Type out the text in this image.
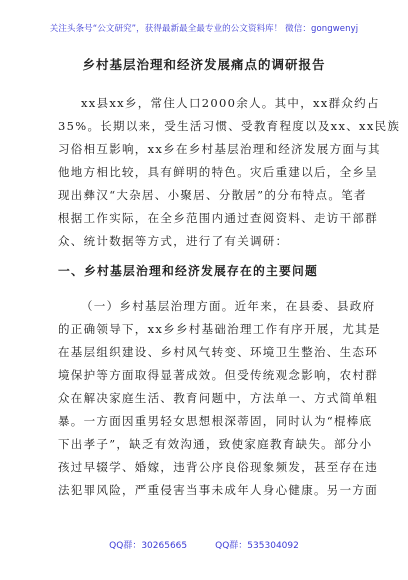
关注头条号“公文研究”，获得最新最全最专业的公文资料库！ 微信：gongwenyj
乡村基层治理和经济发展痛点的调研报告
xx县xx乡，常住人口2000余人。其中，xx群众约占
35%。长期以来，受生活习惯、受教育程度以及xx、xx民族
习俗相互影响，xx乡在乡村基层治理和经济发展方面与其
他地方相比较，具有鲜明的特色。灾后重建以后，全乡呈
现出彝汉“大杂居、小聚居、分散居”的分布特点。笔者
根据工作实际，在全乡范围内通过查阅资料、走访干部群
众、统计数据等方式，进行了有关调研：
一、乡村基层治理和经济发展存在的主要问题
（一）乡村基层治理方面。近年来，在县委、县政府
的正确领导下，xx乡乡村基础治理工作有序开展，尤其是
在基层组织建设、乡村风气转变、环境卫生整治、生态环
境保护等方面取得显著成效。但受传统观念影响，农村群
众在解决家庭生活、教育问题中，方法单一、方式简单粗
暴。一方面因重男轻女思想根深蒂固，同时认为“棍棒底
下出孝子”，缺乏有效沟通，致使家庭教育缺失。部分小
孩过早辍学、婚嫁，违背公序良俗现象频发，甚至存在违
法犯罪风险，严重侵害当事未成年人身心健康。另一方面
QQ群：30265665	QQ群：535304092
